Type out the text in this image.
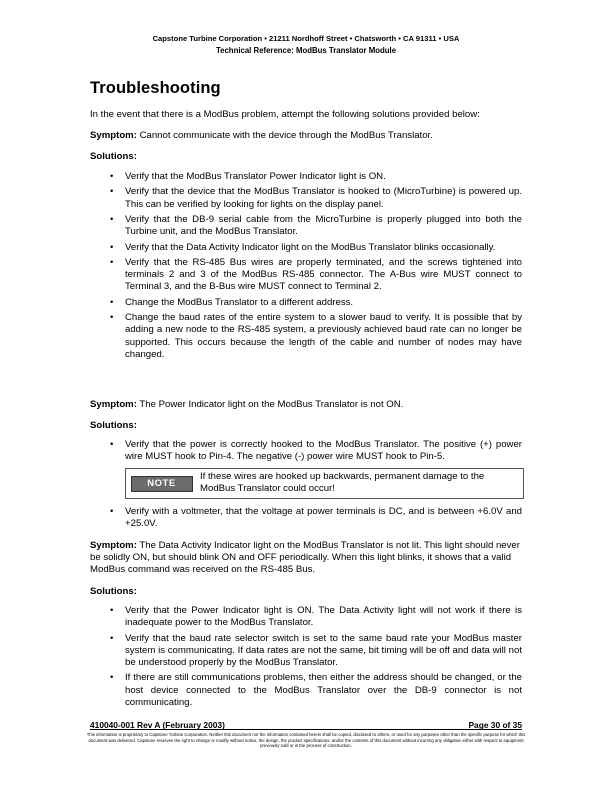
Capstone Turbine Corporation • 21211 Nordhoff Street • Chatsworth • CA 91311 • USA
Technical Reference: ModBus Translator Module
Troubleshooting
In the event that there is a ModBus problem, attempt the following solutions provided below:
Symptom: Cannot communicate with the device through the ModBus Translator.
Solutions:
• Verify that the ModBus Translator Power Indicator light is ON.
• Verify that the device that the ModBus Translator is hooked to (MicroTurbine) is powered up. This can be verified by looking for lights on the display panel.
• Verify that the DB-9 serial cable from the MicroTurbine is properly plugged into both the Turbine unit, and the ModBus Translator.
• Verify that the Data Activity Indicator light on the ModBus Translator blinks occasionally.
• Verify that the RS-485 Bus wires are properly terminated, and the screws tightened into terminals 2 and 3 of the ModBus RS-485 connector. The A-Bus wire MUST connect to Terminal 3, and the B-Bus wire MUST connect to Terminal 2.
• Change the ModBus Translator to a different address.
• Change the baud rates of the entire system to a slower baud to verify. It is possible that by adding a new node to the RS-485 system, a previously achieved baud rate can no longer be supported. This occurs because the length of the cable and number of nodes may have changed.
Symptom: The Power Indicator light on the ModBus Translator is not ON.
Solutions:
• Verify that the power is correctly hooked to the ModBus Translator. The positive (+) power wire MUST hook to Pin-4. The negative (-) power wire MUST hook to Pin-5.
NOTE
If these wires are hooked up backwards, permanent damage to the ModBus Translator could occur!
• Verify with a voltmeter, that the voltage at power terminals is DC, and is between +6.0V and +25.0V.
Symptom: The Data Activity Indicator light on the ModBus Translator is not lit. This light should never be solidly ON, but should blink ON and OFF periodically. When this light blinks, it shows that a valid ModBus command was received on the RS-485 Bus.
Solutions:
• Verify that the Power Indicator light is ON. The Data Activity light will not work if there is inadequate power to the ModBus Translator.
• Verify that the baud rate selector switch is set to the same baud rate your ModBus master system is communicating. If data rates are not the same, bit timing will be off and data will not be understood properly by the ModBus Translator.
• If there are still communications problems, then either the address should be changed, or the host device connected to the ModBus Translator over the DB-9 connector is not communicating.
410040-001 Rev A (February 2003)	Page 30 of 35
This information is proprietary to Capstone Turbine Corporation. Neither this document nor the information contained herein shall be copied, disclosed to others, or used for any purposes other than the specific purpose for which this document was delivered. Capstone reserves the right to change or modify without notice, the design, the product specifications, and/or the contents of this document without incurring any obligation either with respect to equipment previously sold or in the process of construction.
